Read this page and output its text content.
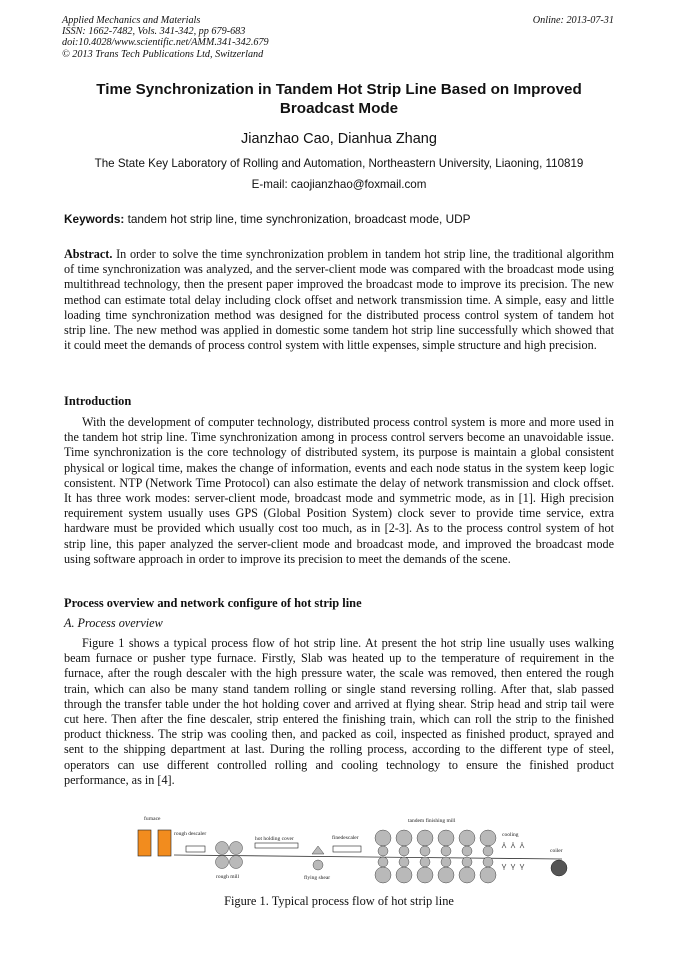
Applied Mechanics and Materials
ISSN: 1662-7482, Vols. 341-342, pp 679-683
doi:10.4028/www.scientific.net/AMM.341-342.679
© 2013 Trans Tech Publications Ltd, Switzerland
Online: 2013-07-31
Time Synchronization in Tandem Hot Strip Line Based on Improved Broadcast Mode
Jianzhao Cao, Dianhua Zhang
The State Key Laboratory of Rolling and Automation, Northeastern University, Liaoning, 110819
E-mail: caojianzhao@foxmail.com
Keywords: tandem hot strip line, time synchronization, broadcast mode, UDP
Abstract. In order to solve the time synchronization problem in tandem hot strip line, the traditional algorithm of time synchronization was analyzed, and the server-client mode was compared with the broadcast mode using multithread technology, then the present paper improved the broadcast mode to improve its precision. The new method can estimate total delay including clock offset and network transmission time. A simple, easy and little loading time synchronization method was designed for the distributed process control system of tandem hot strip line. The new method was applied in domestic some tandem hot strip line successfully which showed that it could meet the demands of process control system with little expenses, simple structure and high precision.
Introduction
With the development of computer technology, distributed process control system is more and more used in the tandem hot strip line. Time synchronization among in process control servers become an unavoidable issue. Time synchronization is the core technology of distributed system, its purpose is maintain a global consistent physical or logical time, makes the change of information, events and each node status in the system keep logic consistent. NTP (Network Time Protocol) can also estimate the delay of network transmission and clock offset. It has three work modes: server-client mode, broadcast mode and symmetric mode, as in [1]. High precision requirement system usually uses GPS (Global Position System) clock sever to provide time service, extra hardware must be provided which usually cost too much, as in [2-3]. As to the process control system of hot strip line, this paper analyzed the server-client mode and broadcast mode, and improved the broadcast mode using software approach in order to improve its precision to meet the demands of the scene.
Process overview and network configure of hot strip line
A. Process overview
Figure 1 shows a typical process flow of hot strip line. At present the hot strip line usually uses walking beam furnace or pusher type furnace. Firstly, Slab was heated up to the temperature of requirement in the furnace, after the rough descaler with the high pressure water, the scale was removed, then entered the rough train, which can also be many stand tandem rolling or single stand reversing rolling. After that, slab passed through the transfer table under the hot holding cover and arrived at flying shear. Strip head and strip tail were cut here. Then after the fine descaler, strip entered the finishing train, which can roll the strip to the finished product thickness. The strip was cooling then, and packed as coil, inspected as finished product, sprayed and sent to the shipping department at last. During the rolling process, according to the different type of steel, operators can use different controlled rolling and cooling technology to ensure the finished product performance, as in [4].
furnace
rough descaler
rough mill
hot holding cover
flying shear
finedescaler
tandem finishing mill
cooling
coiler
Figure 1. Typical process flow of hot strip line
